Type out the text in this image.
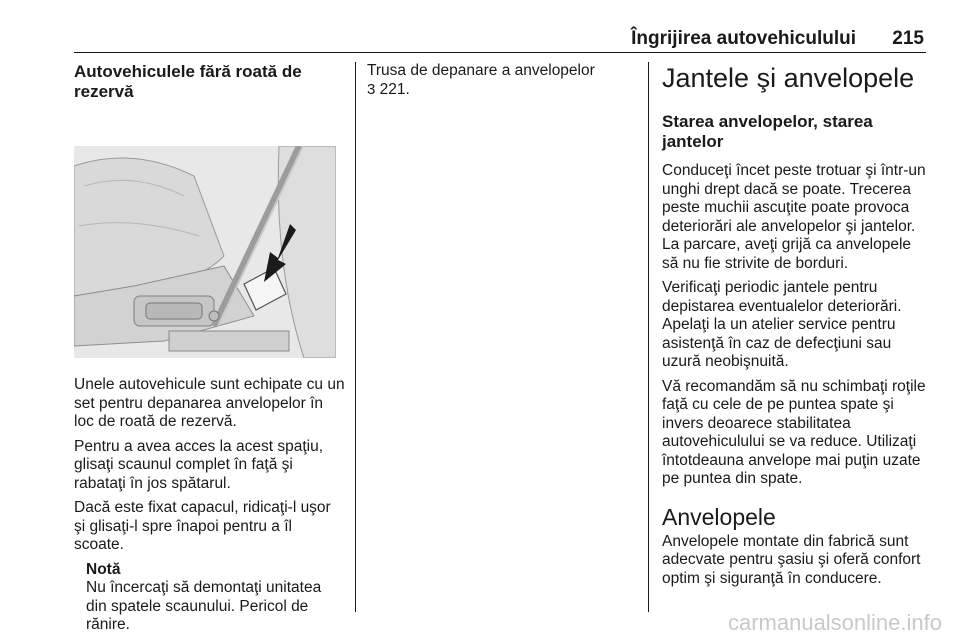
Îngrijirea autovehiculului 215
Autovehiculele fără roată de rezervă

Unele autovehicule sunt echipate cu un set pentru depanarea anvelopelor în loc de roată de rezervă.

Pentru a avea acces la acest spaţiu, glisaţi scaunul complet în faţă şi rabataţi în jos spătarul.

Dacă este fixat capacul, ridicaţi-l uşor şi glisaţi-l spre înapoi pentru a îl scoate.

Notă
Nu încercaţi să demontaţi unitatea din spatele scaunului. Pericol de rănire.

Trusa de depanare a anvelopelor
3 221.	Jantele şi anvelopele
Starea anvelopelor, starea jantelor

Conduceţi încet peste trotuar şi într-un unghi drept dacă se poate. Trecerea peste muchii ascuţite poate provoca deteriorări ale anvelopelor şi jantelor. La parcare, aveţi grijă ca anvelopele să nu fie strivite de borduri.

Verificaţi periodic jantele pentru depistarea eventualelor deteriorări. Apelaţi la un atelier service pentru asistenţă în caz de defecţiuni sau uzură neobişnuită.

Vă recomandăm să nu schimbaţi roţile faţă cu cele de pe puntea spate şi invers deoarece stabilitatea autovehiculului se va reduce. Utilizaţi întotdeauna anvelope mai puţin uzate pe puntea din spate.

Anvelopele

Anvelopele montate din fabrică sunt adecvate pentru şasiu şi oferă confort optim şi siguranţă în conducere.

carmanualsonline.info
